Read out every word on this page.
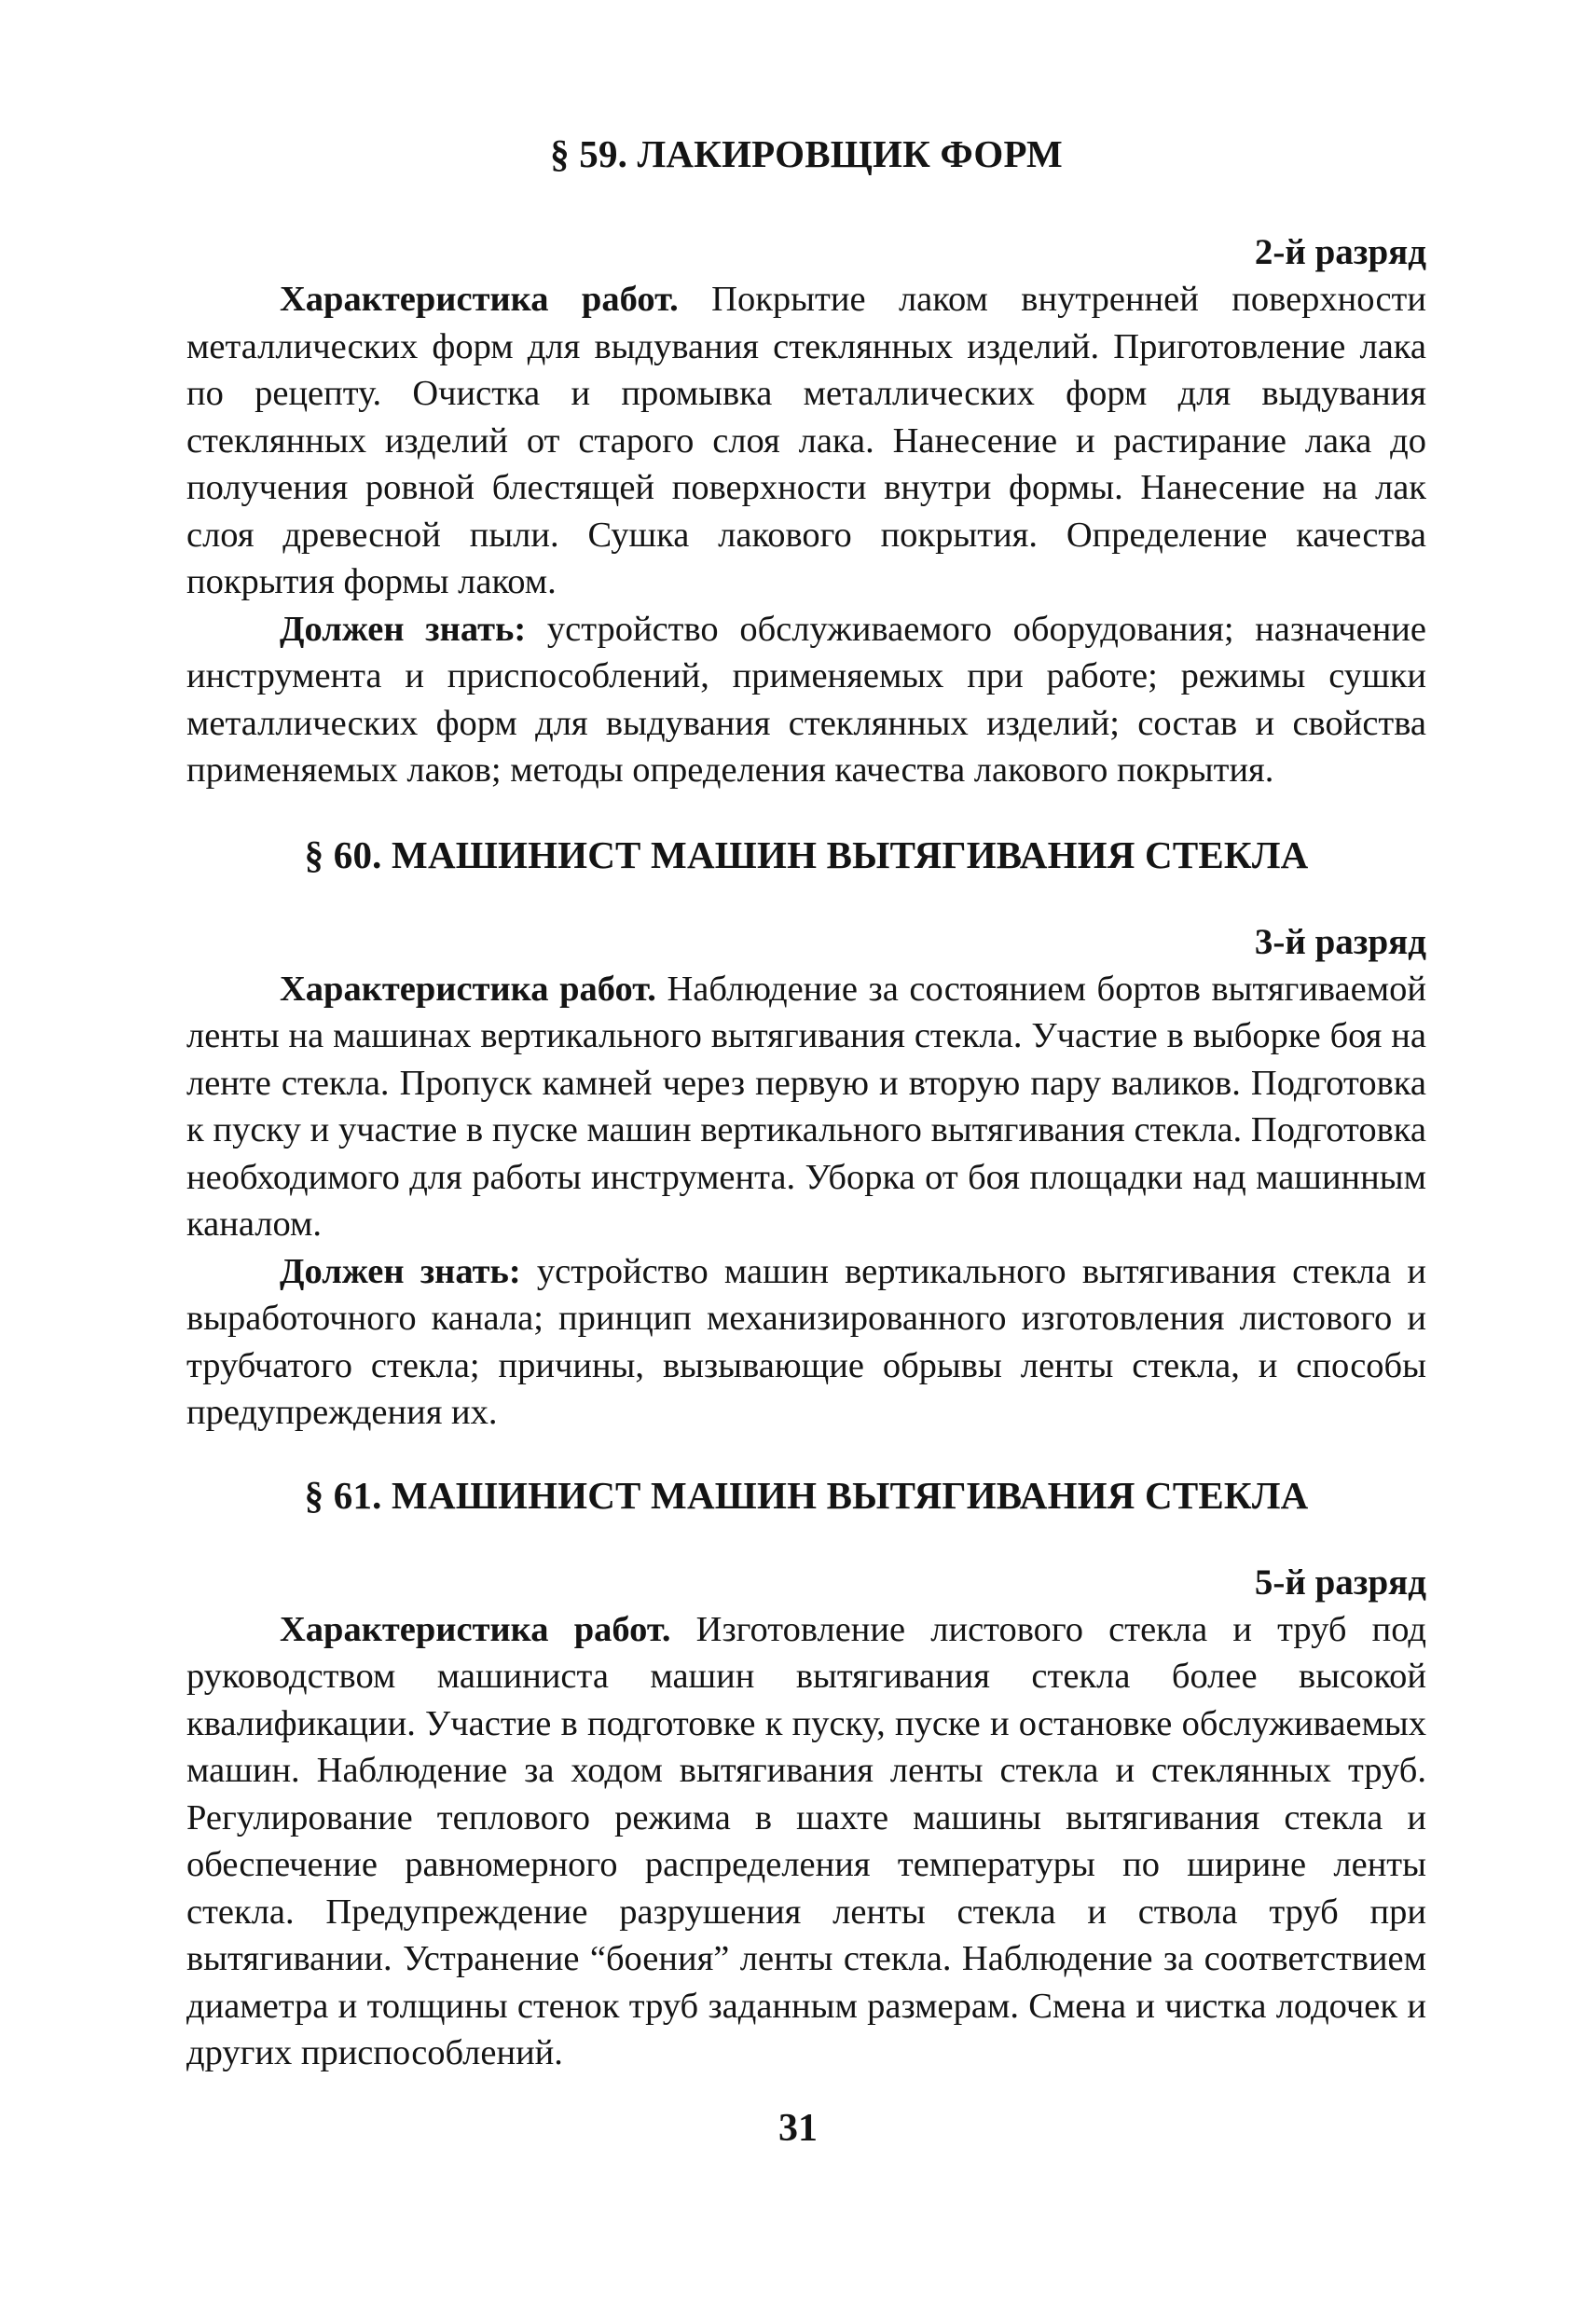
§ 59. ЛАКИРОВЩИК ФОРМ
2-й разряд

Характеристика работ. Покрытие лаком внутренней поверхности металлических форм для выдувания стеклянных изделий. Приготовление лака по рецепту. Очистка и промывка металлических форм для выдувания стеклянных изделий от старого слоя лака. Нанесение и растирание лака до получения ровной блестящей поверхности внутри формы. Нанесение на лак слоя древесной пыли. Сушка лакового покрытия. Определение качества покрытия формы лаком.

Должен знать: устройство обслуживаемого оборудования; назначение инструмента и приспособлений, применяемых при работе; режимы сушки металлических форм для выдувания стеклянных изделий; состав и свойства применяемых лаков; методы определения качества лакового покрытия.

§ 60. МАШИНИСТ МАШИН ВЫТЯГИВАНИЯ СТЕКЛА
3-й разряд

Характеристика работ. Наблюдение за состоянием бортов вытягиваемой ленты на машинах вертикального вытягивания стекла. Участие в выборке боя на ленте стекла. Пропуск камней через первую и вторую пару валиков. Подготовка к пуску и участие в пуске машин вертикального вытягивания стекла. Подготовка необходимого для работы инструмента. Уборка от боя площадки над машинным каналом.

Должен знать: устройство машин вертикального вытягивания стекла и выработочного канала; принцип механизированного изготовления листового и трубчатого стекла; причины, вызывающие обрывы ленты стекла, и способы предупреждения их.

§ 61. МАШИНИСТ МАШИН ВЫТЯГИВАНИЯ СТЕКЛА
5-й разряд

Характеристика работ. Изготовление листового стекла и труб под руководством машиниста машин вытягивания стекла более высокой квалификации. Участие в подготовке к пуску, пуске и остановке обслуживаемых машин. Наблюдение за ходом вытягивания ленты стекла и стеклянных труб. Регулирование теплового режима в шахте машины вытягивания стекла и обеспечение равномерного распределения температуры по ширине ленты стекла. Предупреждение разрушения ленты стекла и ствола труб при вытягивании. Устранение “боения” ленты стекла. Наблюдение за соответствием диаметра и толщины стенок труб заданным размерам. Смена и чистка лодочек и других приспособлений.

31
